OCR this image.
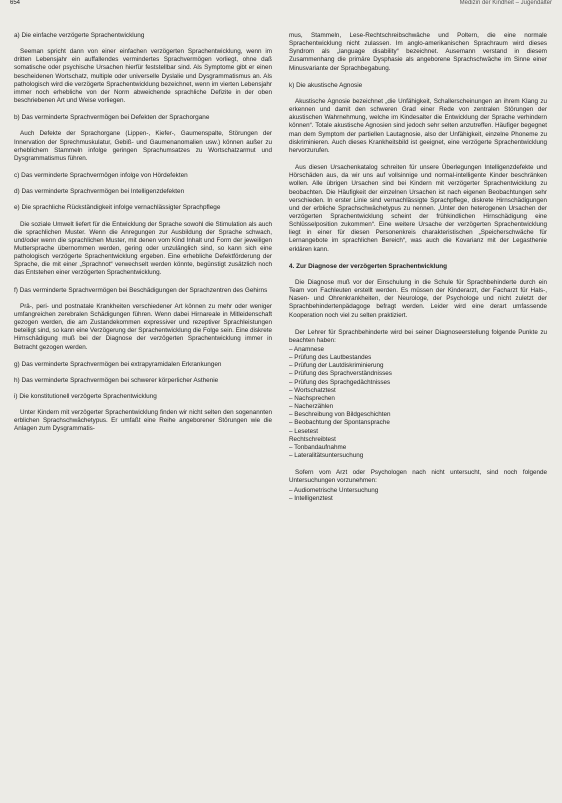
654	Medizin der Kindheit – Jugendalter
a) Die einfache verzögerte Sprachentwicklung

Seeman spricht dann von einer einfachen verzögerten Sprachentwicklung, wenn im dritten Lebensjahr ein auffallendes vermindertes Sprachvermögen vorliegt, ohne daß somatische oder psychische Ursachen hierfür feststellbar sind. Als Symptome gibt er einen bescheidenen Wortschatz, multiple oder universelle Dyslalie und Dysgrammatismus an. Als pathologisch wird die verzögerte Sprachentwicklung bezeichnet, wenn im vierten Lebensjahr immer noch erhebliche von der Norm abweichende sprachliche Defizite in der oben beschriebenen Art und Weise vorliegen.

b) Das verminderte Sprachvermögen bei Defekten der Sprachorgane

Auch Defekte der Sprachorgane (Lippen-, Kiefer-, Gaumenspalte, Störungen der Innervation der Sprechmuskulatur, Gebiß- und Gaumenanomalien usw.) können außer zu erheblichem Stammeln infolge geringen Sprachumsatzes zu Wortschatzarmut und Dysgrammatismus führen.

c) Das verminderte Sprachvermögen infolge von Hördefekten
d) Das verminderte Sprachvermögen bei Intelligenzdefekten
e) Die sprachliche Rückständigkeit infolge vernachlässigter Sprachpflege

Die soziale Umwelt liefert für die Entwicklung der Sprache sowohl die Stimulation als auch die sprachlichen Muster. Wenn die Anregungen zur Ausbildung der Sprache schwach, und/oder wenn die sprachlichen Muster, mit denen vom Kind Inhalt und Form der jeweiligen Muttersprache übernommen werden, gering oder unzulänglich sind, so kann sich eine pathologisch verzögerte Sprachentwicklung ergeben. Eine erhebliche Defektförderung der Sprache, die mit einer „Sprachnot“ verwechselt werden könnte, begünstigt zusätzlich noch das Entstehen einer verzögerten Sprachentwicklung.

f) Das verminderte Sprachvermögen bei Beschädigungen der Sprachzentren des Gehirns

Prä-, peri- und postnatale Krankheiten verschiedener Art können zu mehr oder weniger umfangreichen zerebralen Schädigungen führen. Wenn dabei Hirnareale in Mitleidenschaft gezogen werden, die am Zustandekommen expressiver und rezeptiver Sprachleistungen beteiligt sind, so kann eine Verzögerung der Sprachentwicklung die Folge sein. Eine diskrete Hirnschädigung muß bei der Diagnose der verzögerten Sprachentwicklung immer in Betracht gezogen werden.

g) Das verminderte Sprachvermögen bei extrapyramidalen Erkrankungen
h) Das verminderte Sprachvermögen bei schwerer körperlicher Asthenie
i) Die konstitutionell verzögerte Sprachentwicklung

Unter Kindern mit verzögerter Sprachentwicklung finden wir nicht selten den sogenannten erblichen Sprachschwächetypus. Er umfaßt eine Reihe angeborener Störungen wie die Anlagen zum Dysgrammatis-

mus, Stammeln, Lese-Rechtschreibschwäche und Poltern, die eine normale Sprachentwicklung nicht zulassen. Im anglo-amerikanischen Sprachraum wird dieses Syndrom als „language disability“ bezeichnet. Ausemann verstand in diesem Zusammenhang die primäre Dysphasie als angeborene Sprachschwäche im Sinne einer Minusvariante der Sprachbegabung.

k) Die akustische Agnosie

Akustische Agnosie bezeichnet „die Unfähigkeit, Schallerscheinungen an ihrem Klang zu erkennen und damit den schweren Grad einer Rede von zentralen Störungen der akustischen Wahrnehmung, welche im Kindesalter die Entwicklung der Sprache verhindern können“. Totale akustische Agnosien sind jedoch sehr selten anzutreffen. Häufiger begegnet man dem Symptom der partiellen Lautagnosie, also der Unfähigkeit, einzelne Phoneme zu diskriminieren. Auch dieses Krankheitsbild ist geeignet, eine verzögerte Sprachentwicklung hervorzurufen.

Aus diesen Ursachenkatalog schreiten für unsere Überlegungen Intelligenzdefekte und Hörschäden aus, da wir uns auf vollsinnige und normal-intelligente Kinder beschränken wollen. Alle übrigen Ursachen sind bei Kindern mit verzögerter Sprachentwicklung zu beobachten. Die Häufigkeit der einzelnen Ursachen ist nach eigenen Beobachtungen sehr verschieden. In erster Linie sind vernachlässigte Sprachpflege, diskrete Hirnschädigungen und der erbliche Sprachschwächetypus zu nennen. „Unter den heterogenen Ursachen der verzögerten Sprachentwicklung scheint der frühkindlichen Hirnschädigung eine Schlüsselposition zukommen“. Eine weitere Ursache der verzögerten Sprachentwicklung liegt in einer für diesen Personenkreis charakteristischen „Speicherschwäche für Lernangebote im sprachlichen Bereich“, was auch die Kovarianz mit der Legasthenie erklären kann.

4. Zur Diagnose der verzögerten Sprachentwicklung

Die Diagnose muß vor der Einschulung in die Schule für Sprachbehinderte durch ein Team von Fachleuten erstellt werden. Es müssen der Kinderarzt, der Facharzt für Hals-, Nasen- und Ohrenkrankheiten, der Neurologe, der Psychologe und nicht zuletzt der Sprachbehindertenpädagoge befragt werden. Leider wird eine derart umfassende Kooperation noch viel zu selten praktiziert.

Der Lehrer für Sprachbehinderte wird bei seiner Diagnoseerstellung folgende Punkte zu beachten haben:

– Anamnese
– Prüfung des Lautbestandes
– Prüfung der Lautdiskriminierung
– Prüfung des Sprachverständnisses
– Prüfung des Sprachgedächtnisses
– Wortschatztest
– Nachsprechen
– Nacherzählen
– Beschreibung von Bildgeschichten
– Beobachtung der Spontansprache
– Lesetest
Rechtschreibtest
– Tonbandaufnahme
– Lateralitätsuntersuchung

Sofern vom Arzt oder Psychologen nach nicht untersucht, sind noch folgende Untersuchungen vorzunehmen:

– Audiometrische Untersuchung
– Intelligenztest
